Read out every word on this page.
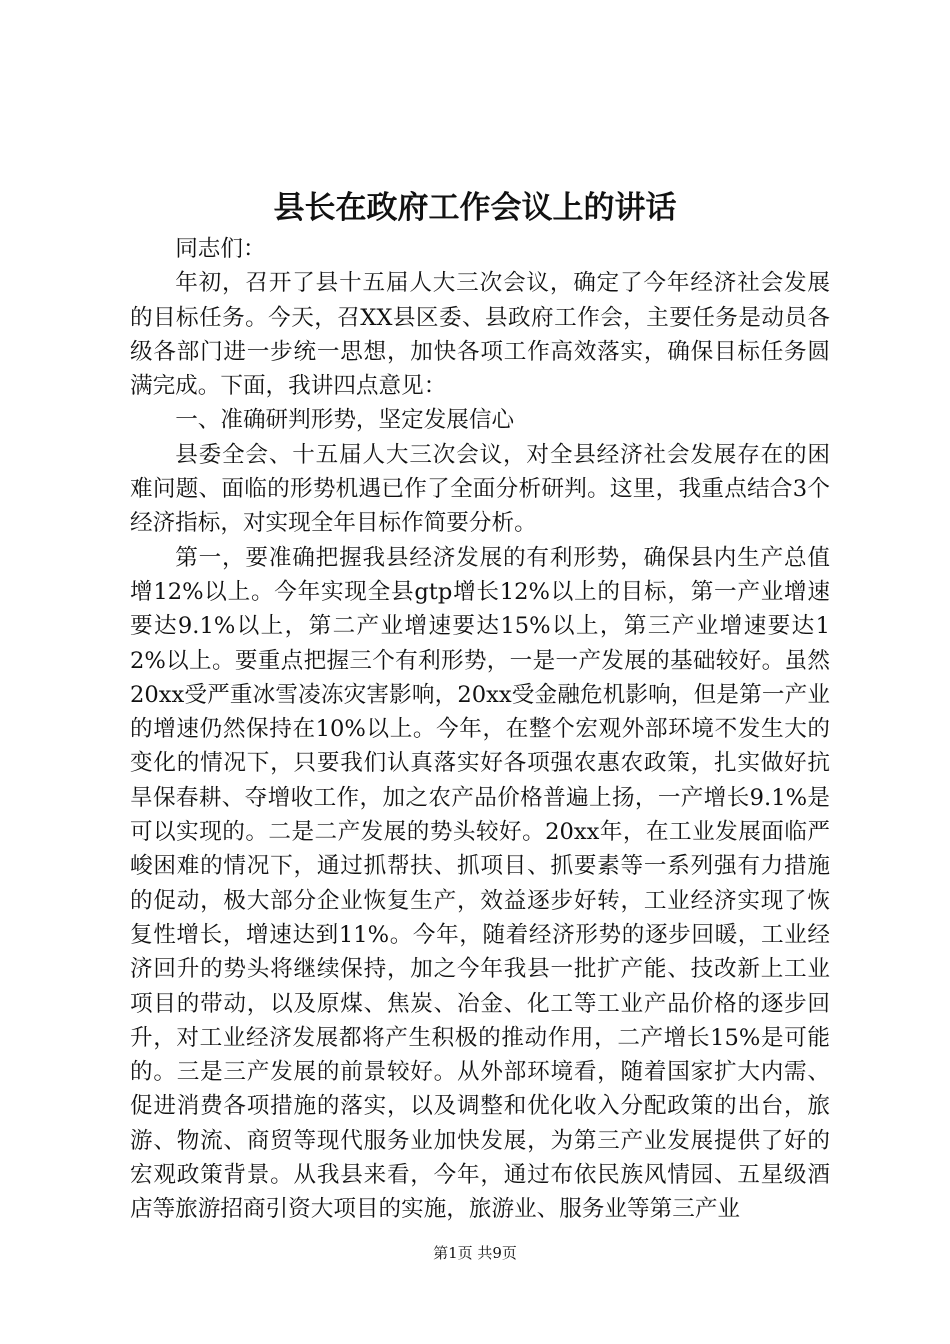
县长在政府工作会议上的讲话

同志们：

年初，召开了县十五届人大三次会议，确定了今年经济社会发展的目标任务。今天，召XX县区委、县政府工作会，主要任务是动员各级各部门进一步统一思想，加快各项工作高效落实，确保目标任务圆满完成。下面，我讲四点意见：

一、准确研判形势，坚定发展信心

县委全会、十五届人大三次会议，对全县经济社会发展存在的困难问题、面临的形势机遇已作了全面分析研判。这里，我重点结合3个经济指标，对实现全年目标作简要分析。

第一，要准确把握我县经济发展的有利形势，确保县内生产总值增12%以上。今年实现全县gtp增长12%以上的目标，第一产业增速要达9.1%以上，第二产业增速要达15%以上，第三产业增速要达12%以上。要重点把握三个有利形势，一是一产发展的基础较好。虽然20xx受严重冰雪凌冻灾害影响，20xx受金融危机影响，但是第一产业的增速仍然保持在10%以上。今年，在整个宏观外部环境不发生大的变化的情况下，只要我们认真落实好各项强农惠农政策，扎实做好抗旱保春耕、夺增收工作，加之农产品价格普遍上扬，一产增长9.1%是可以实现的。二是二产发展的势头较好。20xx年，在工业发展面临严峻困难的情况下，通过抓帮扶、抓项目、抓要素等一系列强有力措施的促动，极大部分企业恢复生产，效益逐步好转，工业经济实现了恢复性增长，增速达到11%。今年，随着经济形势的逐步回暖，工业经济回升的势头将继续保持，加之今年我县一批扩产能、技改新上工业项目的带动，以及原煤、焦炭、冶金、化工等工业产品价格的逐步回升，对工业经济发展都将产生积极的推动作用，二产增长15%是可能的。三是三产发展的前景较好。从外部环境看，随着国家扩大内需、促进消费各项措施的落实，以及调整和优化收入分配政策的出台，旅游、物流、商贸等现代服务业加快发展，为第三产业发展提供了好的宏观政策背景。从我县来看，今年，通过布依民族风情园、五星级酒店等旅游招商引资大项目的实施，旅游业、服务业等第三产业

第1页 共9页
